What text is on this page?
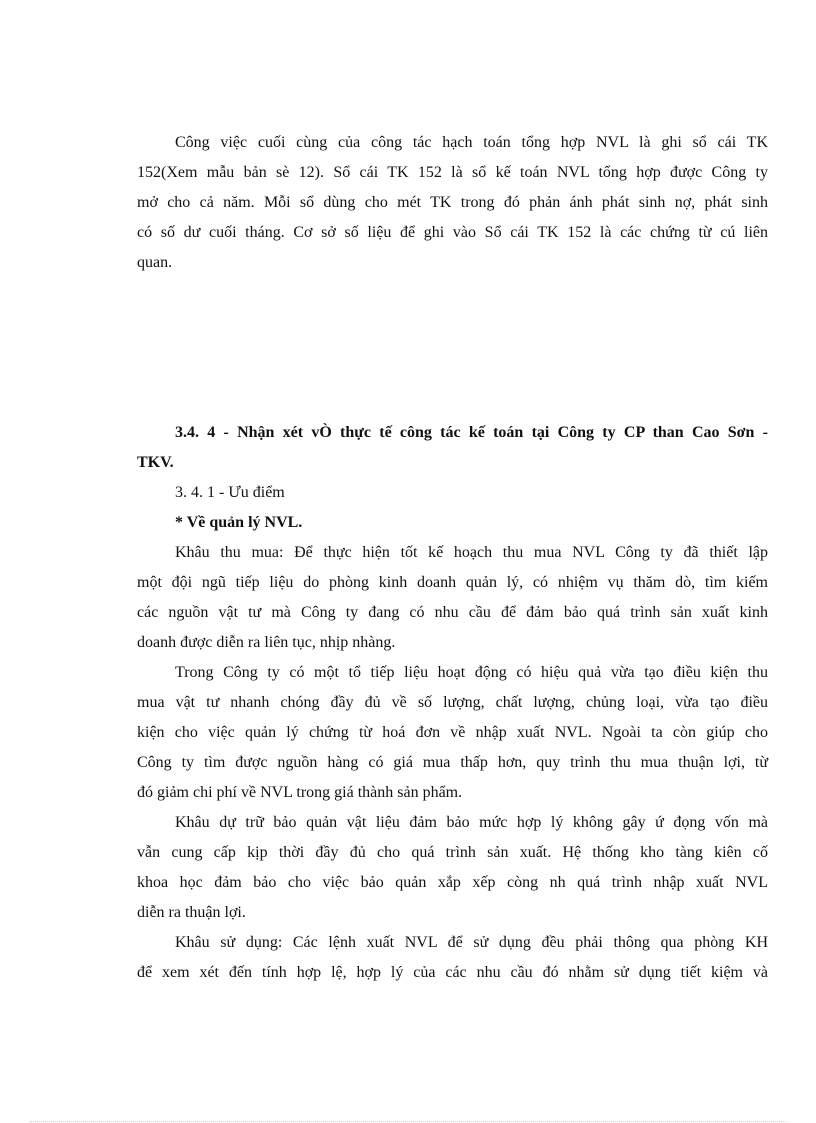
Công việc cuối cùng của công tác hạch toán tổng hợp NVL là ghi sổ cái TK
152(Xem mẫu bản sè 12). Sổ cái TK 152 là sổ kế toán NVL tổng hợp được Công ty
mở cho cả năm. Mỗi sổ dùng cho mét TK trong đó phản ánh phát sinh nợ, phát sinh
có số dư cuối tháng. Cơ sở số liệu để ghi vào Sổ cái TK 152 là các chứng từ cú liên
quan.
3.4. 4 - Nhận xét vÒ thực tế công tác kế toán tại Công ty CP than Cao Sơn -
TKV.
3. 4. 1 - Ưu điểm
* Về quản lý NVL.
Khâu thu mua: Để thực hiện tốt kế hoạch thu mua NVL Công ty đã thiết lập
một đội ngũ tiếp liệu do phòng kinh doanh quản lý, có nhiệm vụ thăm dò, tìm kiếm
các nguồn vật tư mà Công ty đang có nhu cầu để đảm bảo quá trình sản xuất kinh
doanh được diễn ra liên tục, nhịp nhàng.
Trong Công ty có một tổ tiếp liệu hoạt động có hiệu quả vừa tạo điều kiện thu
mua vật tư nhanh chóng đầy đủ về số lượng, chất lượng, chủng loại, vừa tạo điều
kiện cho việc quản lý chứng từ hoá đơn về nhập xuất NVL. Ngoài ta còn giúp cho
Công ty tìm được nguồn hàng có giá mua thấp hơn, quy trình thu mua thuận lợi, từ
đó giảm chi phí về NVL trong giá thành sản phẩm.
Khâu dự trữ bảo quản vật liệu đảm bảo mức hợp lý không gây ứ đọng vốn mà
vẫn cung cấp kịp thời đầy đủ cho quá trình sản xuất. Hệ thống kho tàng kiên cố
khoa học đảm bảo cho việc bảo quản xắp xếp còng nh quá trình nhập xuất NVL
diễn ra thuận lợi.
Khâu sử dụng: Các lệnh xuất NVL để sử dụng đều phải thông qua phòng KH
để xem xét đến tính hợp lệ, hợp lý của các nhu cầu đó nhằm sử dụng tiết kiệm và
